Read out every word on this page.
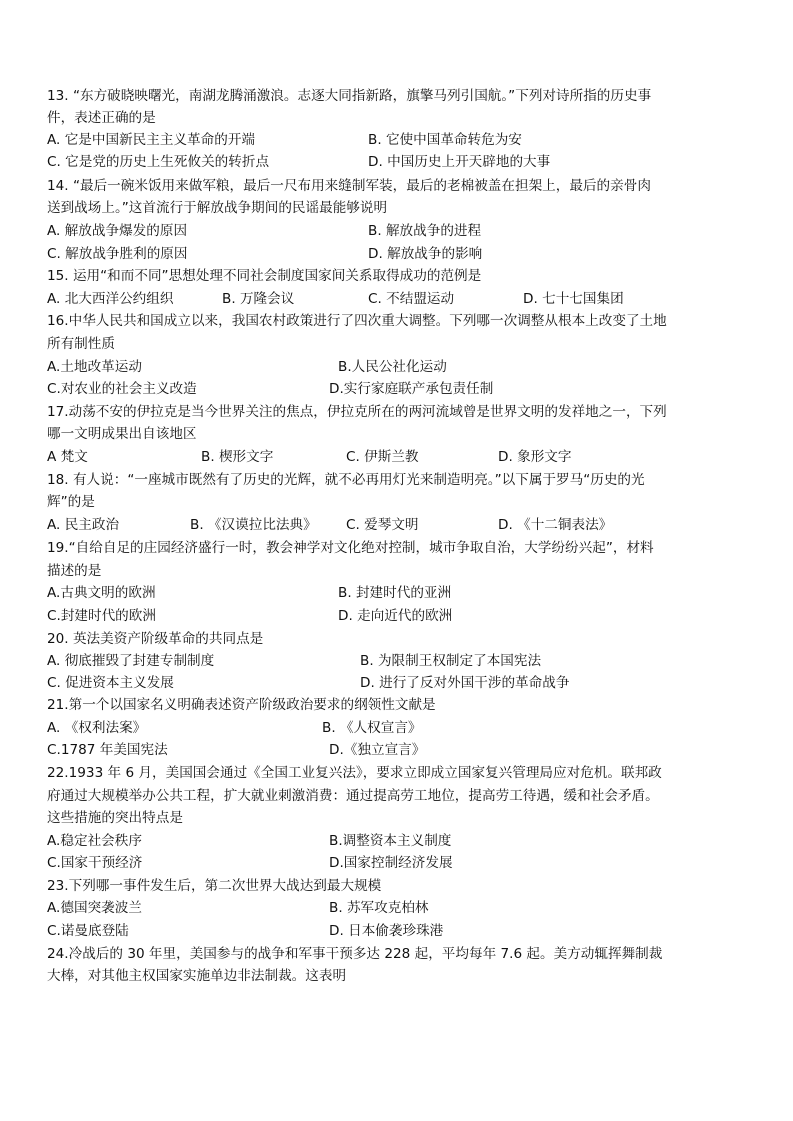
13. “东方破晓映曙光，南湖龙腾涌激浪。志逐大同指新路，旗擎马列引国航。”下列对诗所指的历史事
件，表述正确的是
A. 它是中国新民主主义革命的开端	B. 它使中国革命转危为安
C. 它是党的历史上生死攸关的转折点	D. 中国历史上开天辟地的大事
14. “最后一碗米饭用来做军粮，最后一尺布用来缝制军装，最后的老棉被盖在担架上，最后的亲骨肉
送到战场上。”这首流行于解放战争期间的民谣最能够说明
A. 解放战争爆发的原因	B. 解放战争的进程
C. 解放战争胜利的原因	D. 解放战争的影响
15. 运用“和而不同”思想处理不同社会制度国家间关系取得成功的范例是
A. 北大西洋公约组织	B. 万隆会议	C. 不结盟运动	D. 七十七国集团
16.中华人民共和国成立以来，我国农村政策进行了四次重大调整。下列哪一次调整从根本上改变了土地
所有制性质
A.土地改革运动	B.人民公社化运动
C.对农业的社会主义改造	D.实行家庭联产承包责任制
17.动荡不安的伊拉克是当今世界关注的焦点，伊拉克所在的两河流域曾是世界文明的发祥地之一，下列
哪一文明成果出自该地区
A 梵文	B. 楔形文字	C. 伊斯兰教	D. 象形文字
18. 有人说：“一座城市既然有了历史的光辉，就不必再用灯光来制造明亮。”以下属于罗马“历史的光
辉”的是
A. 民主政治	B. 《汉谟拉比法典》 C. 爱琴文明	D. 《十二铜表法》
19.“自给自足的庄园经济盛行一时，教会神学对文化绝对控制，城市争取自治，大学纷纷兴起”，材料
描述的是
A.古典文明的欧洲	B. 封建时代的亚洲
C.封建时代的欧洲	D. 走向近代的欧洲
20. 英法美资产阶级革命的共同点是
A. 彻底摧毁了封建专制制度	B. 为限制王权制定了本国宪法
C. 促进资本主义发展	D. 进行了反对外国干涉的革命战争
21.第一个以国家名义明确表述资产阶级政治要求的纲领性文献是
A. 《权利法案》	B. 《人权宣言》
C.1787 年美国宪法	D.《独立宣言》
22.1933 年 6 月，美国国会通过《全国工业复兴法》，要求立即成立国家复兴管理局应对危机。联邦政
府通过大规模举办公共工程，扩大就业刺激消费：通过提高劳工地位，提高劳工待遇，缓和社会矛盾。
这些措施的突出特点是
A.稳定社会秩序	B.调整资本主义制度
C.国家干预经济	D.国家控制经济发展
23.下列哪一事件发生后，第二次世界大战达到最大规模
A.德国突袭波兰	B. 苏军攻克柏林
C.诺曼底登陆	D. 日本偷袭珍珠港
24.冷战后的 30 年里，美国参与的战争和军事干预多达 228 起，平均每年 7.6 起。美方动辄挥舞制裁
大棒，对其他主权国家实施单边非法制裁。这表明
